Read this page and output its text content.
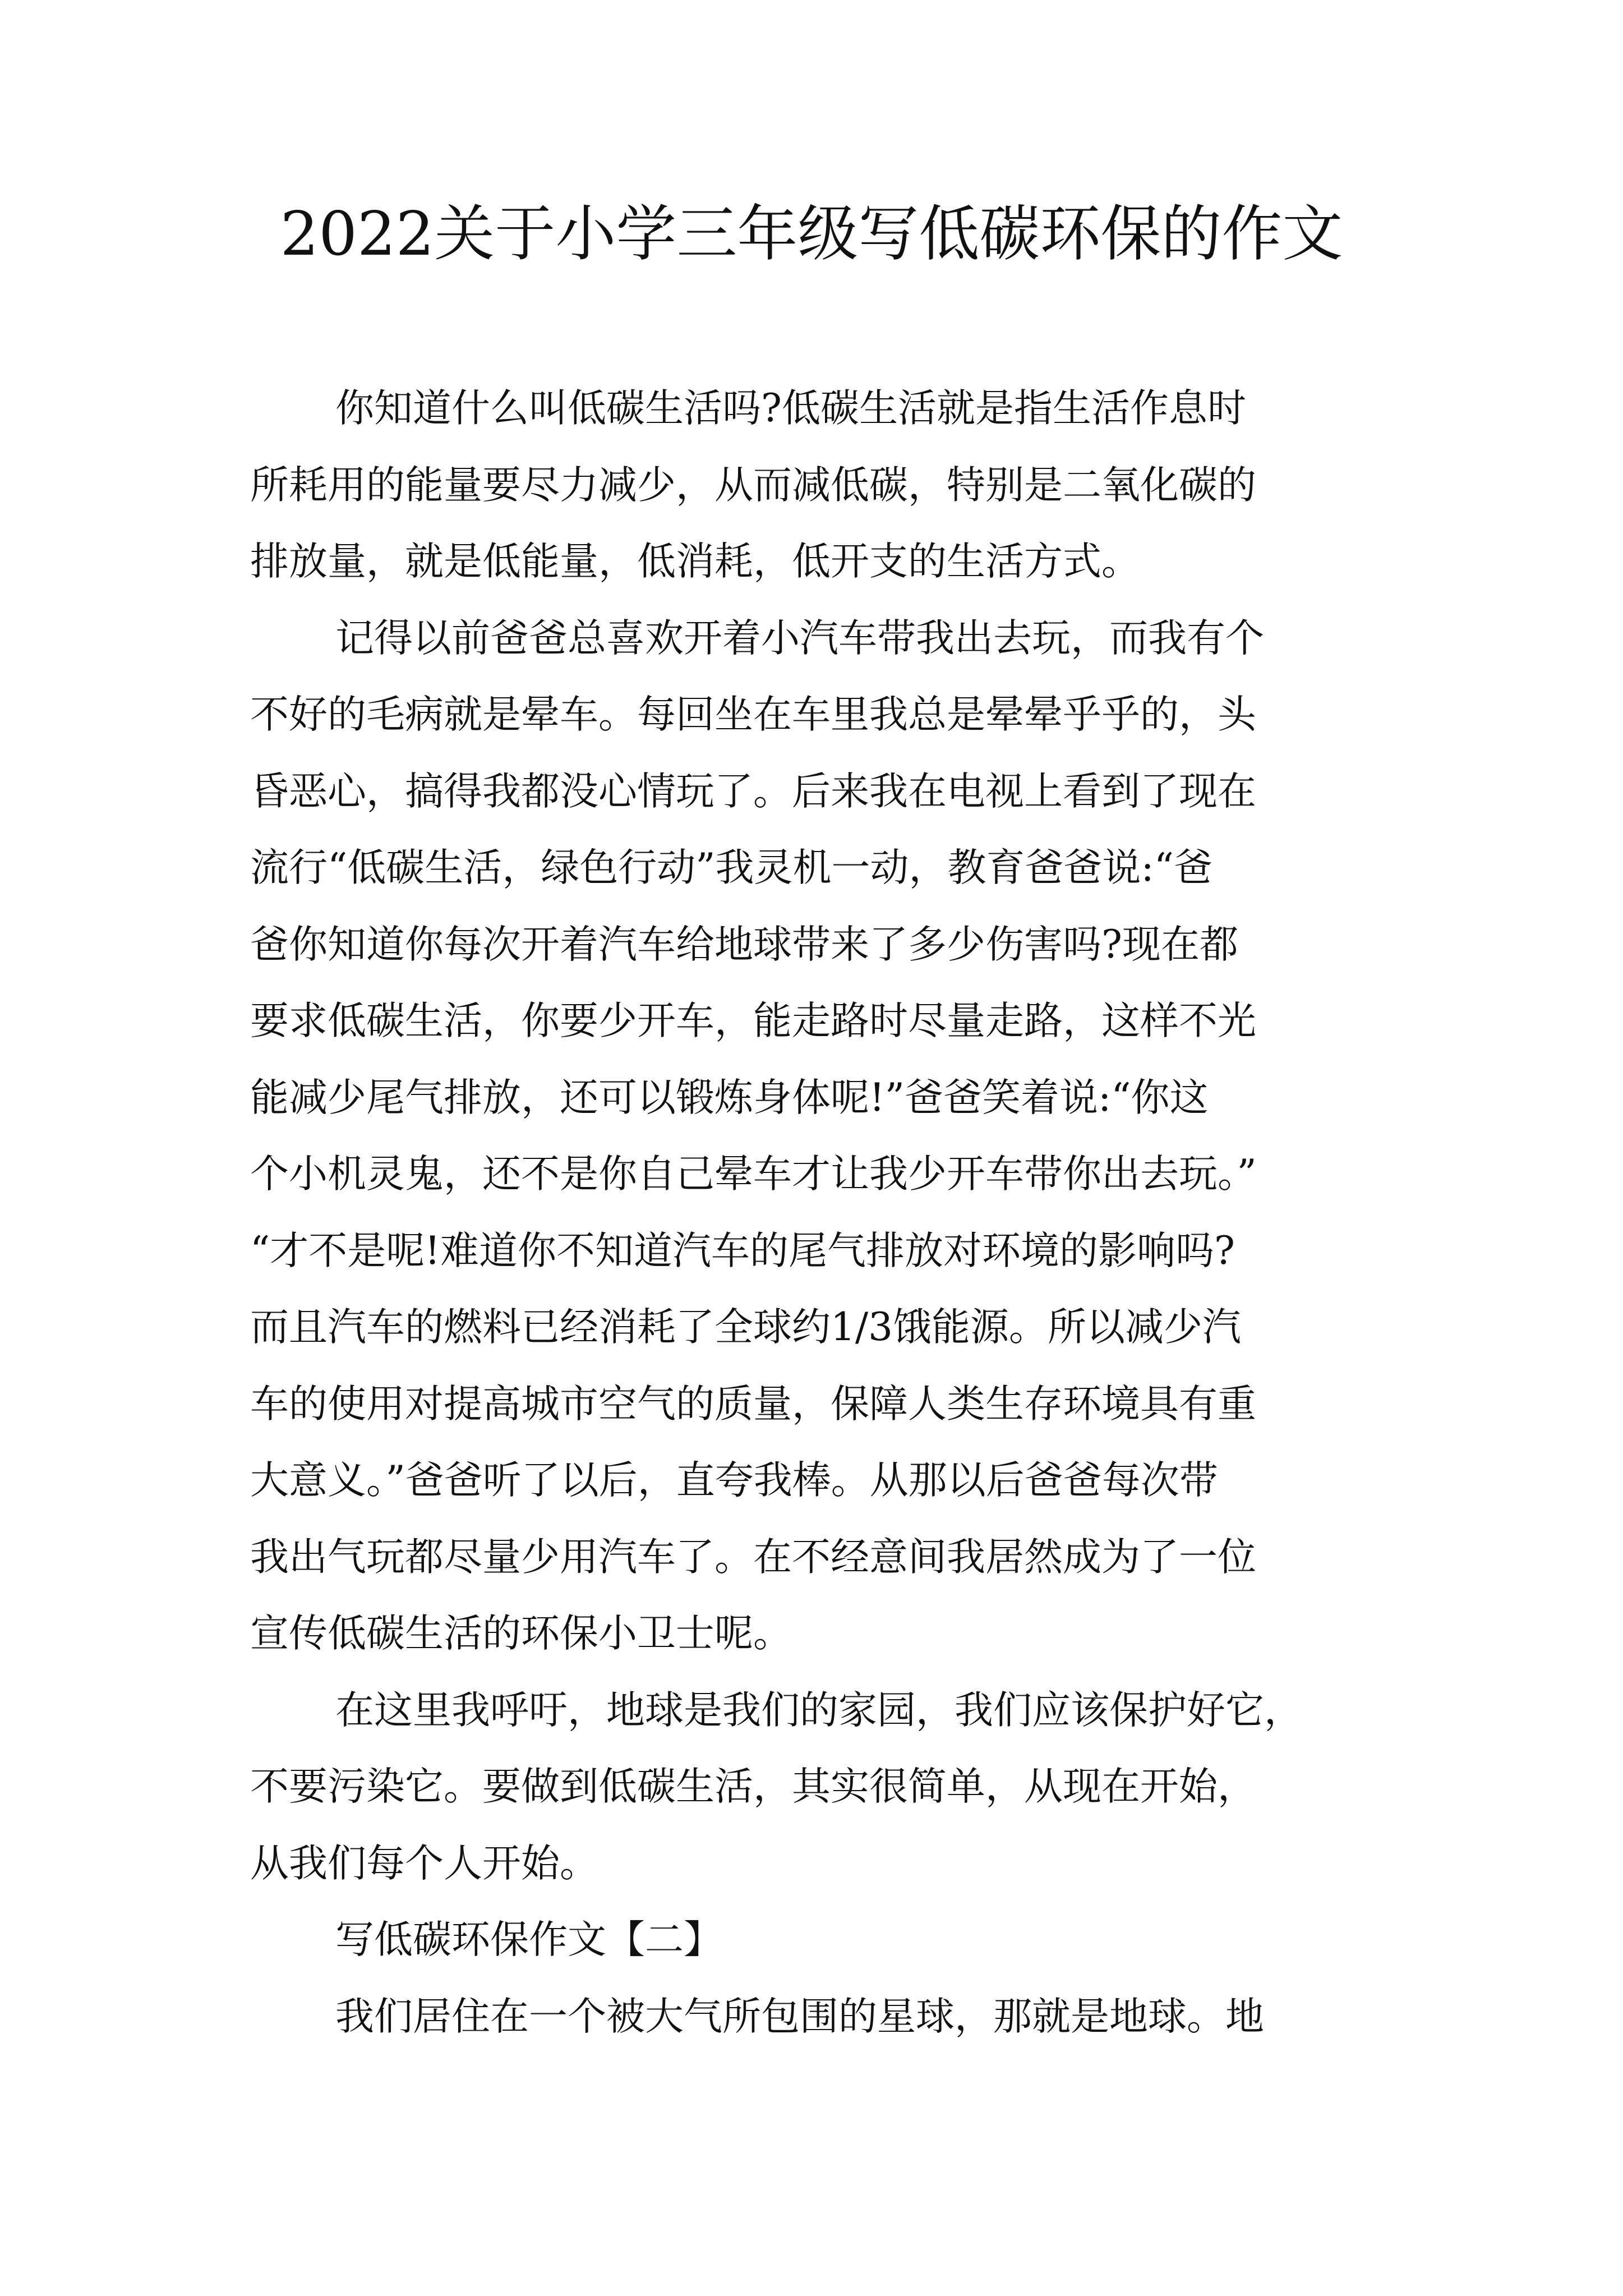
2022关于小学三年级写低碳环保的作文
你知道什么叫低碳生活吗?低碳生活就是指生活作息时
所耗用的能量要尽力减少，从而减低碳，特别是二氧化碳的
排放量，就是低能量，低消耗，低开支的生活方式。
记得以前爸爸总喜欢开着小汽车带我出去玩，而我有个
不好的毛病就是晕车。每回坐在车里我总是晕晕乎乎的，头
昏恶心，搞得我都没心情玩了。后来我在电视上看到了现在
流行“低碳生活，绿色行动”我灵机一动，教育爸爸说:“爸
爸你知道你每次开着汽车给地球带来了多少伤害吗?现在都
要求低碳生活，你要少开车，能走路时尽量走路，这样不光
能减少尾气排放，还可以锻炼身体呢!”爸爸笑着说:“你这
个小机灵鬼，还不是你自己晕车才让我少开车带你出去玩。”
“才不是呢!难道你不知道汽车的尾气排放对环境的影响吗?
而且汽车的燃料已经消耗了全球约1/3饿能源。所以减少汽
车的使用对提高城市空气的质量，保障人类生存环境具有重
大意义。”爸爸听了以后，直夸我棒。从那以后爸爸每次带
我出气玩都尽量少用汽车了。在不经意间我居然成为了一位
宣传低碳生活的环保小卫士呢。
在这里我呼吁，地球是我们的家园，我们应该保护好它，
不要污染它。要做到低碳生活，其实很简单，从现在开始，
从我们每个人开始。
写低碳环保作文【二】
我们居住在一个被大气所包围的星球，那就是地球。地
